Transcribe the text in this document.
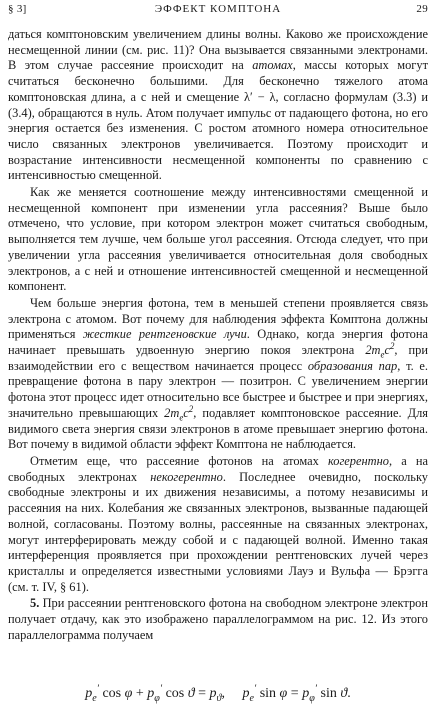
§ 3]	ЭФФЕКТ КОМПТОНА	29

даться комптоновским увеличением длины волны. Каково же происхождение несмещенной линии (см. рис. 11)? Она вызывается связанными электронами. В этом случае рассеяние происходит на атомах, массы которых могут считаться бесконечно большими. Для бесконечно тяжелого атома комптоновская длина, а с ней и смещение λ′ − λ, согласно формулам (3.3) и (3.4), обращаются в нуль. Атом получает импульс от падающего фотона, но его энергия остается без изменения. С ростом атомного номера относительное число связанных электронов увеличивается. Поэтому происходит и возрастание интенсивности несмещенной компоненты по сравнению с интенсивностью смещенной.

Как же меняется соотношение между интенсивностями смещенной и несмещенной компонент при изменении угла рассеяния? Выше было отмечено, что условие, при котором электрон может считаться свободным, выполняется тем лучше, чем больше угол рассеяния. Отсюда следует, что при увеличении угла рассеяния увеличивается относительная доля свободных электронов, а с ней и отношение интенсивностей смещенной и несмещенной компонент.

Чем больше энергия фотона, тем в меньшей степени проявляется связь электрона с атомом. Вот почему для наблюдения эффекта Комптона должны применяться жесткие рентгеновские лучи. Однако, когда энергия фотона начинает превышать удвоенную энергию покоя электрона $2m_ec^2$, при взаимодействии его с веществом начинается процесс образования пар, т. е. превращение фотона в пару электрон — позитрон. С увеличением энергии фотона этот процесс идет относительно все быстрее и быстрее и при энергиях, значительно превышающих $2m_ec^2$, подавляет комптоновское рассеяние. Для видимого света энергия связи электронов в атоме превышает энергию фотона. Вот почему в видимой области эффект Комптона не наблюдается.

Отметим еще, что рассеяние фотонов на атомах когерентно, а на свободных электронах некогерентно. Последнее очевидно, поскольку свободные электроны и их движения независимы, а потому независимы и рассеяния на них. Колебания же связанных электронов, вызванные падающей волной, согласованы. Поэтому волны, рассеянные на связанных электронах, могут интерферировать между собой и с падающей волной. Именно такая интерференция проявляется при прохождении рентгеновских лучей через кристаллы и определяется известными условиями Лауэ и Вульфа — Брэгга (см. т. IV, § 61).

5. При рассеянии рентгеновского фотона на свободном электроне электрон получает отдачу, как это изображено параллелограммом на рис. 12. Из этого параллелограмма получаем

$p_e'$ $\cos \varphi + p_\varphi'$ $\cos ϑ = p_ϑ$, $p_e'$ $\sin \varphi = p_\varphi'$ sin ϑ.
